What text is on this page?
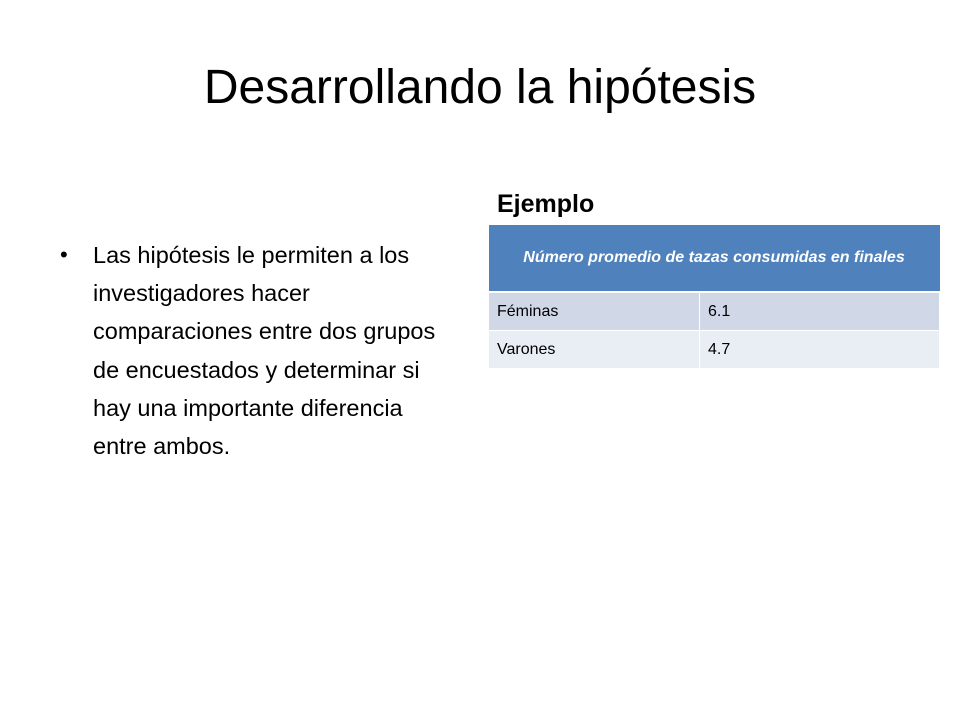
Desarrollando la hipótesis
• Las hipótesis le permiten a los investigadores hacer comparaciones entre dos grupos de encuestados y determinar si hay una importante diferencia entre ambos.
Ejemplo
Número promedio de tazas consumidas en finales	
Féminas	6.1
Varones	4.7
